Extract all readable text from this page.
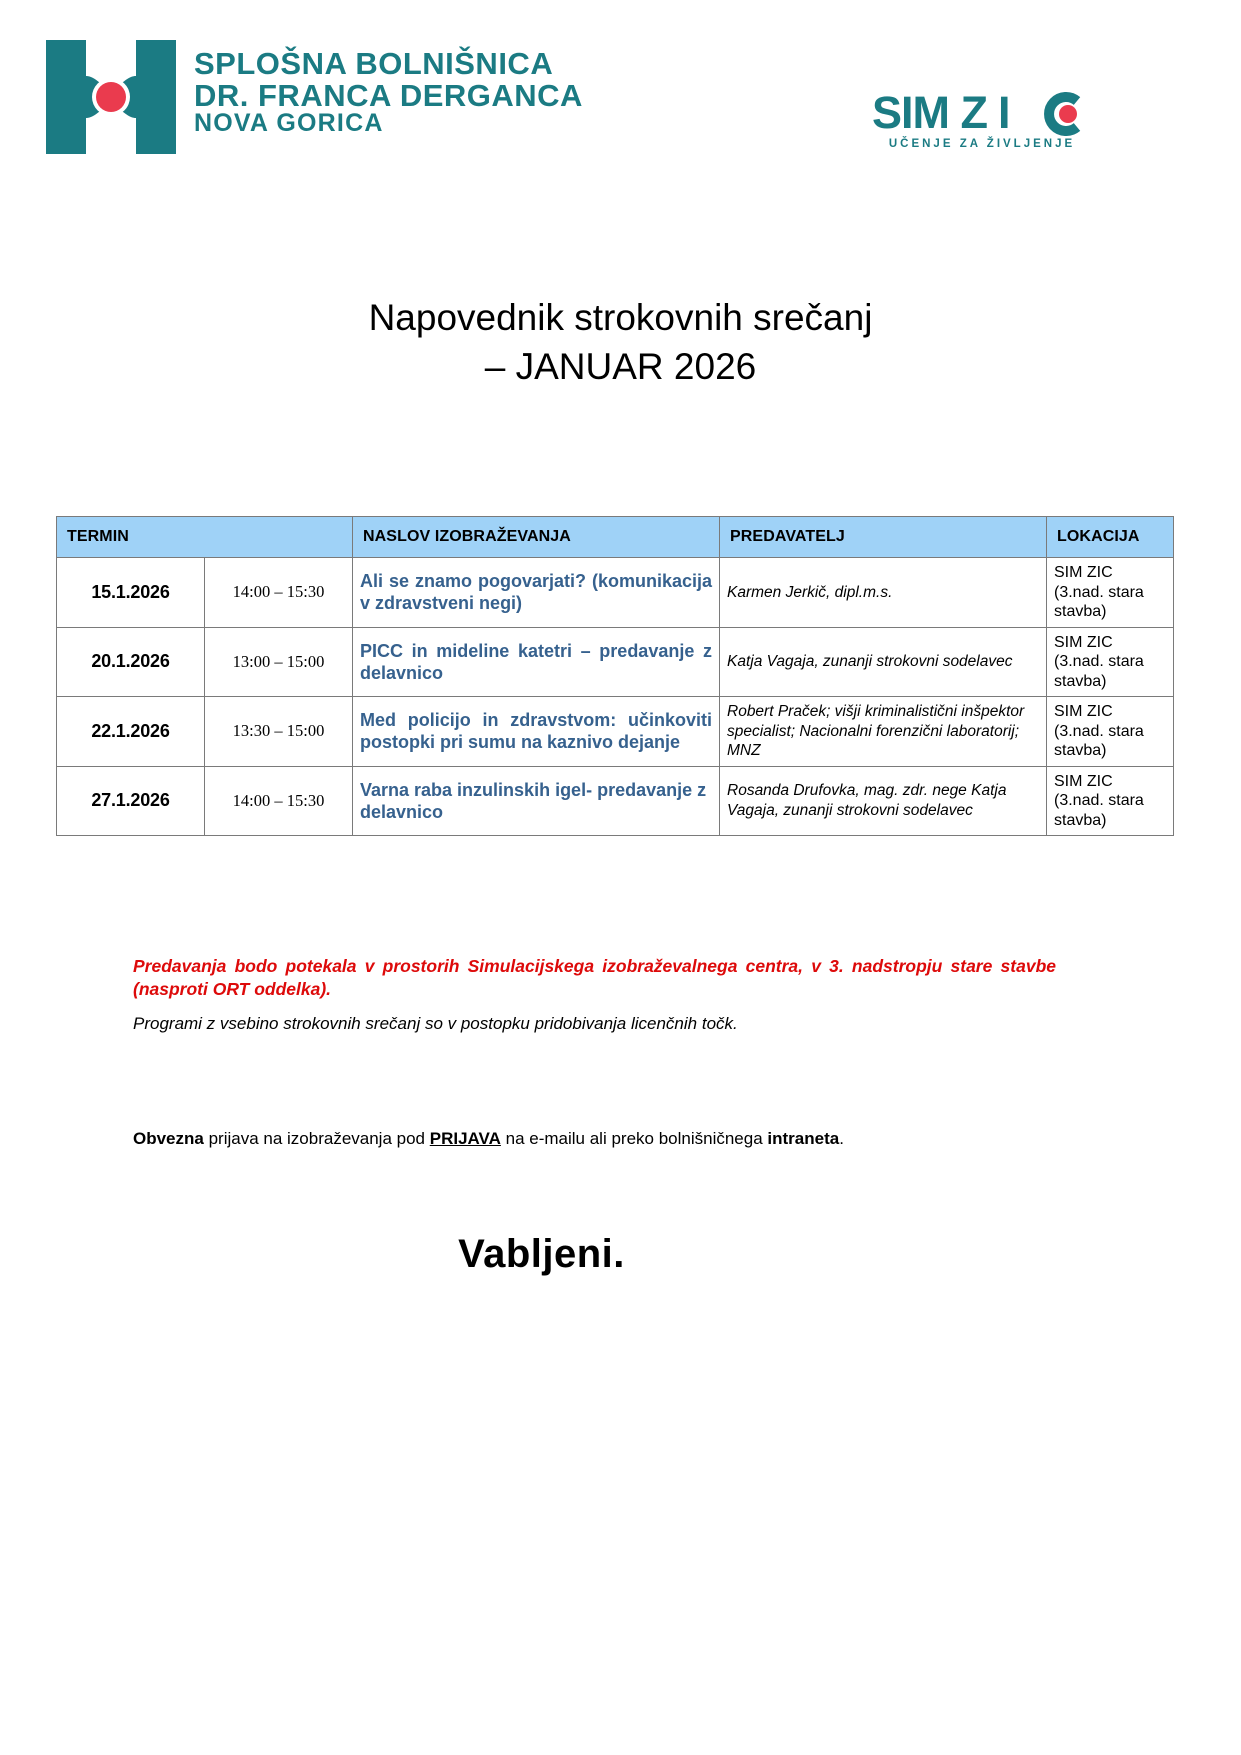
SPLOŠNA BOLNIŠNICA
DR. FRANCA DERGANCA
NOVA GORICA	SIM Z I
UČENJE ZA ŽIVLJENJE
Napovednik strokovnih srečanj
– JANUAR 2026
TERMIN		NASLOV IZOBRAŽEVANJA	PREDAVATELJ	LOKACIJA
15.1.2026	14:00 – 15:30	Ali se znamo pogovarjati? (komunikacija v zdravstveni negi)	Karmen Jerkič, dipl.m.s.	SIM ZIC (3.nad. stara stavba)
20.1.2026	13:00 – 15:00	PICC in mideline katetri – predavanje z delavnico	Katja Vagaja, zunanji strokovni sodelavec	SIM ZIC (3.nad. stara stavba)
22.1.2026	13:30 – 15:00	Med policijo in zdravstvom: učinkoviti postopki pri sumu na kaznivo dejanje	Robert Praček; višji kriminalistični inšpektor specialist; Nacionalni forenzični laboratorij; MNZ	SIM ZIC (3.nad. stara stavba)
27.1.2026	14:00 – 15:30	Varna raba inzulinskih igel- predavanje z delavnico	Rosanda Drufovka, mag. zdr. nege Katja Vagaja, zunanji strokovni sodelavec	SIM ZIC (3.nad. stara stavba)
Predavanja bodo potekala v prostorih Simulacijskega izobraževalnega centra, v 3. nadstropju stare stavbe (nasproti ORT oddelka).
Programi z vsebino strokovnih srečanj so v postopku pridobivanja licenčnih točk.
Obvezna prijava na izobraževanja pod PRIJAVA na e-mailu ali preko bolnišničnega intraneta.
Vabljeni.
